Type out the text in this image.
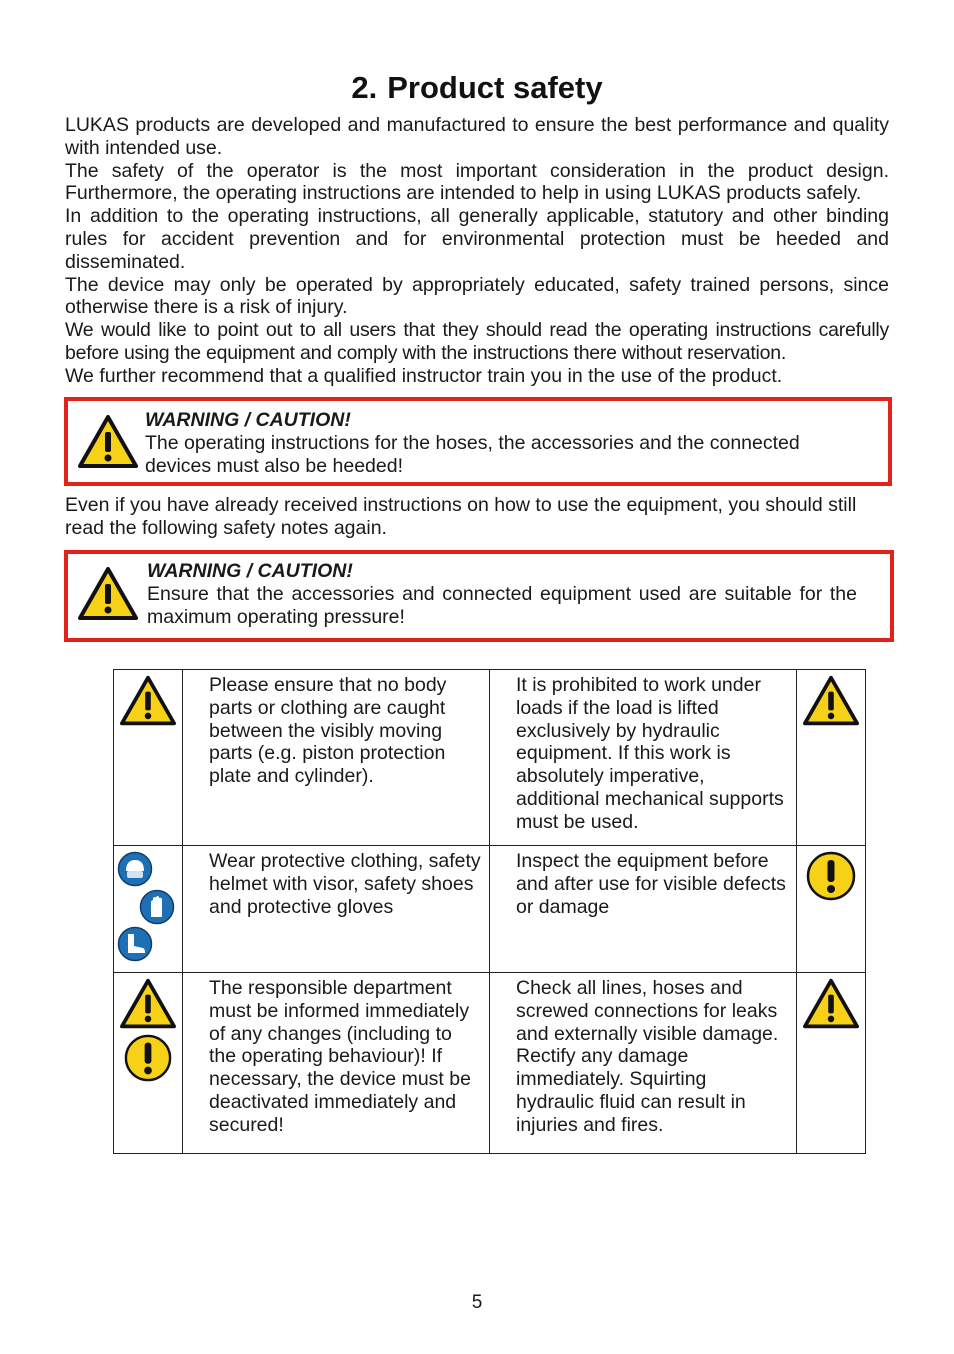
2. Product safety

LUKAS products are developed and manufactured to ensure the best performance and quality with intended use.

The safety of the operator is the most important consideration in the product design. Furthermore, the operating instructions are intended to help in using LUKAS products safely.

In addition to the operating instructions, all generally applicable, statutory and other binding rules for accident prevention and for environmental protection must be heeded and disseminated.

The device may only be operated by appropriately educated, safety trained persons, since otherwise there is a risk of injury.

We would like to point out to all users that they should read the operating instructions carefully before using the equipment and comply with the instructions there without reservation.

We further recommend that a qualified instructor train you in the use of the product.

WARNING / CAUTION!
The operating instructions for the hoses, the accessories and the connected devices must also be heeded!

Even if you have already received instructions on how to use the equipment, you should still read the following safety notes again.

WARNING / CAUTION!
Ensure that the accessories and connected equipment used are suitable for the maximum operating pressure!
	Please ensure that no body parts or clothing are caught between the visibly moving parts (e.g. piston protection plate and cylinder).	It is prohibited to work under loads if the load is lifted exclusively by hydraulic equipment. If this work is absolutely imperative, additional mechanical supports must be used.	

	Wear protective clothing, safety helmet with visor, safety shoes and protective gloves	Inspect the equipment before and after use for visible defects or damage	

	The responsible department must be informed immediately of any changes (including to the operating behaviour)! If necessary, the device must be deactivated immediately and secured!	Check all lines, hoses and screwed connections for leaks and externally visible damage. Rectify any damage immediately. Squirting hydraulic fluid can result in injuries and fires.	
5
